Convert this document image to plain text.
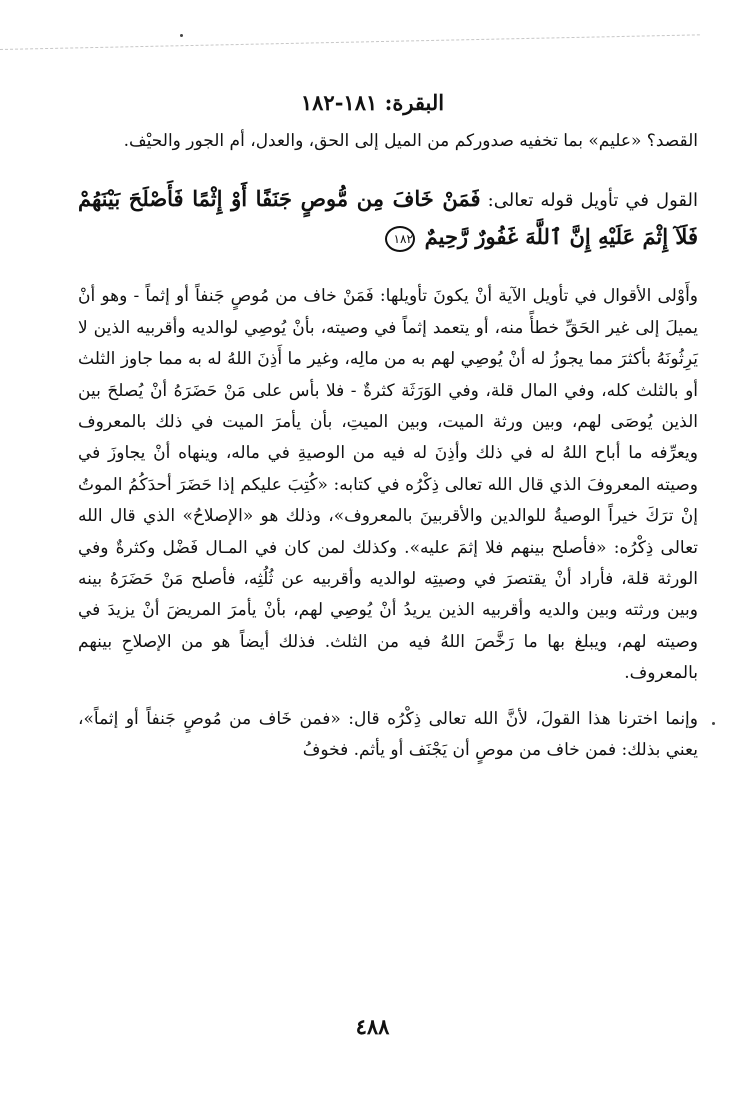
البقرة: ١٨١-١٨٢

القصد؟ «عليم» بما تخفيه صدوركم من الميل إلى الحق، والعدل، أم الجور والحيْف.

القول في تأويل قوله تعالى: فَمَنْ خَافَ مِن مُّوصٍ جَنَفًا أَوْ إِثْمًا فَأَصْلَحَ بَيْنَهُمْ فَلَآ إِثْمَ عَلَيْهِ إِنَّ ٱللَّهَ غَفُورٌ رَّحِيمٌ ١٨٢

وأَوْلى الأقوال في تأويل الآية أنْ يكونَ تأويلها: فَمَنْ خاف من مُوصٍ جَنفاً أو إثماً - وهو أنْ يميلَ إلى غير الحَقِّ خطأً منه، أو يتعمد إثماً في وصيته، بأنْ يُوصِي لوالديه وأقربيه الذين لا يَرِثُونَهُ بأكثرَ مما يجوزُ له أنْ يُوصِي لهم به من مالِه، وغير ما أَذِنَ اللهُ له به مما جاوز الثلث أو بالثلث كله، وفي المال قلة، وفي الوَرَثَة كثرةٌ - فلا بأس على مَنْ حَضَرَهُ أنْ يُصلحَ بين الذين يُوصَى لهم، وبين ورثة الميت، وبين الميتِ، بأن يأمرَ الميت في ذلك بالمعروف ويعرِّفه ما أباح اللهُ له في ذلك وأذِنَ له فيه من الوصيةِ في ماله، وينهاه أنْ يجاوزَ في وصيته المعروفَ الذي قال الله تعالى ذِكْرُه في كتابه: «كُتِبَ عليكم إذا حَضَرَ أحدَكُمُ الموتُ إنْ ترَكَ خيراً الوصيةُ للوالدين والأقربينَ بالمعروف»، وذلك هو «الإصلاحُ» الذي قال الله تعالى ذِكْرُه: «فأصلح بينهم فلا إثمَ عليه». وكذلك لمن كان في المـال فَضْل وكثرةٌ وفي الورثة قلة، فأراد أنْ يقتصرَ في وصيتِه لوالديه وأقربيه عن ثُلُثِه، فأصلح مَنْ حَضَرَهُ بينه وبين ورثته وبين والديه وأقربيه الذين يريدُ أنْ يُوصِي لهم، بأنْ يأمرَ المريضَ أنْ يزيدَ في وصيته لهم، ويبلغ بها ما رَخَّصَ اللهُ فيه من الثلث. فذلك أيضاً هو من الإصلاحِ بينهم بالمعروف.

وإنما اخترنا هذا القولَ، لأنَّ الله تعالى ذِكْرُه قال: «فمن خَاف من مُوصٍ جَنفاً أو إثماً»، يعني بذلك: فمن خاف من موصٍ أن يَجْنَف أو يأثم. فخوفُ

٤٨٨
